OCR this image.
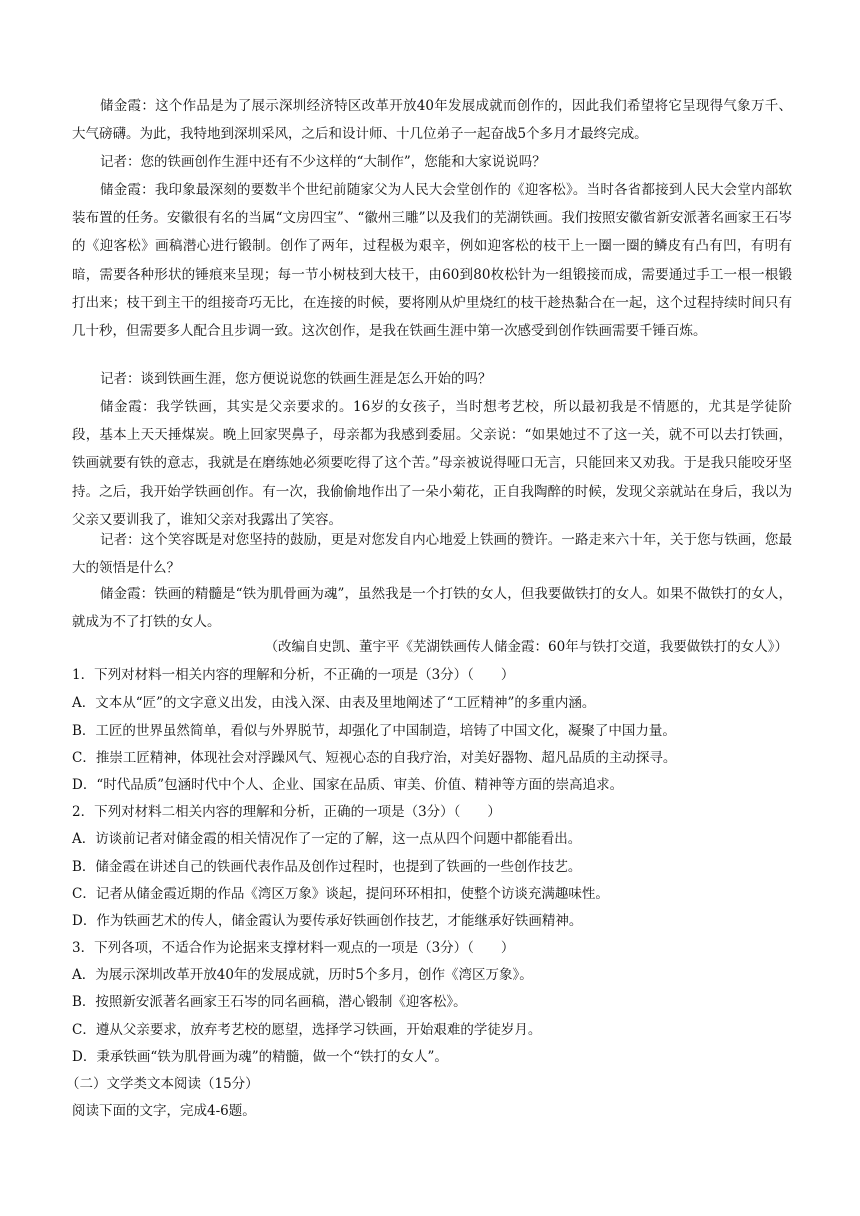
储金霞：这个作品是为了展示深圳经济特区改革开放40年发展成就而创作的，因此我们希望将它呈现得气象万千、大气磅礴。为此，我特地到深圳采风，之后和设计师、十几位弟子一起奋战5个多月才最终完成。

记者：您的铁画创作生涯中还有不少这样的“大制作”，您能和大家说说吗？

储金霞：我印象最深刻的要数半个世纪前随家父为人民大会堂创作的《迎客松》。当时各省都接到人民大会堂内部软装布置的任务。安徽很有名的当属“文房四宝”、“徽州三雕”以及我们的芜湖铁画。我们按照安徽省新安派著名画家王石岑的《迎客松》画稿潜心进行锻制。创作了两年，过程极为艰辛，例如迎客松的枝干上一圈一圈的鳞皮有凸有凹，有明有暗，需要各种形状的锤痕来呈现；每一节小树枝到大枝干，由60到80枚松针为一组锻接而成，需要通过手工一根一根锻打出来；枝干到主干的组接奇巧无比，在连接的时候，要将刚从炉里烧红的枝干趁热黏合在一起，这个过程持续时间只有几十秒，但需要多人配合且步调一致。这次创作，是我在铁画生涯中第一次感受到创作铁画需要千锤百炼。

记者：谈到铁画生涯，您方便说说您的铁画生涯是怎么开始的吗？

储金霞：我学铁画，其实是父亲要求的。16岁的女孩子，当时想考艺校，所以最初我是不情愿的，尤其是学徒阶段，基本上天天捶煤炭。晚上回家哭鼻子，母亲都为我感到委屈。父亲说：“如果她过不了这一关，就不可以去打铁画，铁画就要有铁的意志，我就是在磨练她必须要吃得了这个苦。”母亲被说得哑口无言，只能回来又劝我。于是我只能咬牙坚持。之后，我开始学铁画创作。有一次，我偷偷地作出了一朵小菊花，正自我陶醉的时候，发现父亲就站在身后，我以为父亲又要训我了，谁知父亲对我露出了笑容。

记者：这个笑容既是对您坚持的鼓励，更是对您发自内心地爱上铁画的赞许。一路走来六十年，关于您与铁画，您最大的领悟是什么？

储金霞：铁画的精髓是“铁为肌骨画为魂”，虽然我是一个打铁的女人，但我要做铁打的女人。如果不做铁打的女人，就成为不了打铁的女人。

（改编自史凯、董宇平《芜湖铁画传人储金霞：60年与铁打交道，我要做铁打的女人》）
1．下列对材料一相关内容的理解和分析，不正确的一项是（3分）（　　）
A．文本从“匠”的文字意义出发，由浅入深、由表及里地阐述了“工匠精神”的多重内涵。
B．工匠的世界虽然简单，看似与外界脱节，却强化了中国制造，培铸了中国文化，凝聚了中国力量。
C．推崇工匠精神，体现社会对浮躁风气、短视心态的自我疗治，对美好器物、超凡品质的主动探寻。
D．“时代品质”包涵时代中个人、企业、国家在品质、审美、价值、精神等方面的崇高追求。
2．下列对材料二相关内容的理解和分析，正确的一项是（3分）（　　）
A．访谈前记者对储金霞的相关情况作了一定的了解，这一点从四个问题中都能看出。
B．储金霞在讲述自己的铁画代表作品及创作过程时，也提到了铁画的一些创作技艺。
C．记者从储金霞近期的作品《湾区万象》谈起，提问环环相扣，使整个访谈充满趣味性。
D．作为铁画艺术的传人，储金霞认为要传承好铁画创作技艺，才能继承好铁画精神。
3．下列各项，不适合作为论据来支撑材料一观点的一项是（3分）（　　）
A．为展示深圳改革开放40年的发展成就，历时5个多月，创作《湾区万象》。
B．按照新安派著名画家王石岑的同名画稿，潜心锻制《迎客松》。
C．遵从父亲要求，放弃考艺校的愿望，选择学习铁画，开始艰难的学徒岁月。
D．秉承铁画“铁为肌骨画为魂”的精髓，做一个“铁打的女人”。
（二）文学类文本阅读（15分）
阅读下面的文字，完成4-6题。
